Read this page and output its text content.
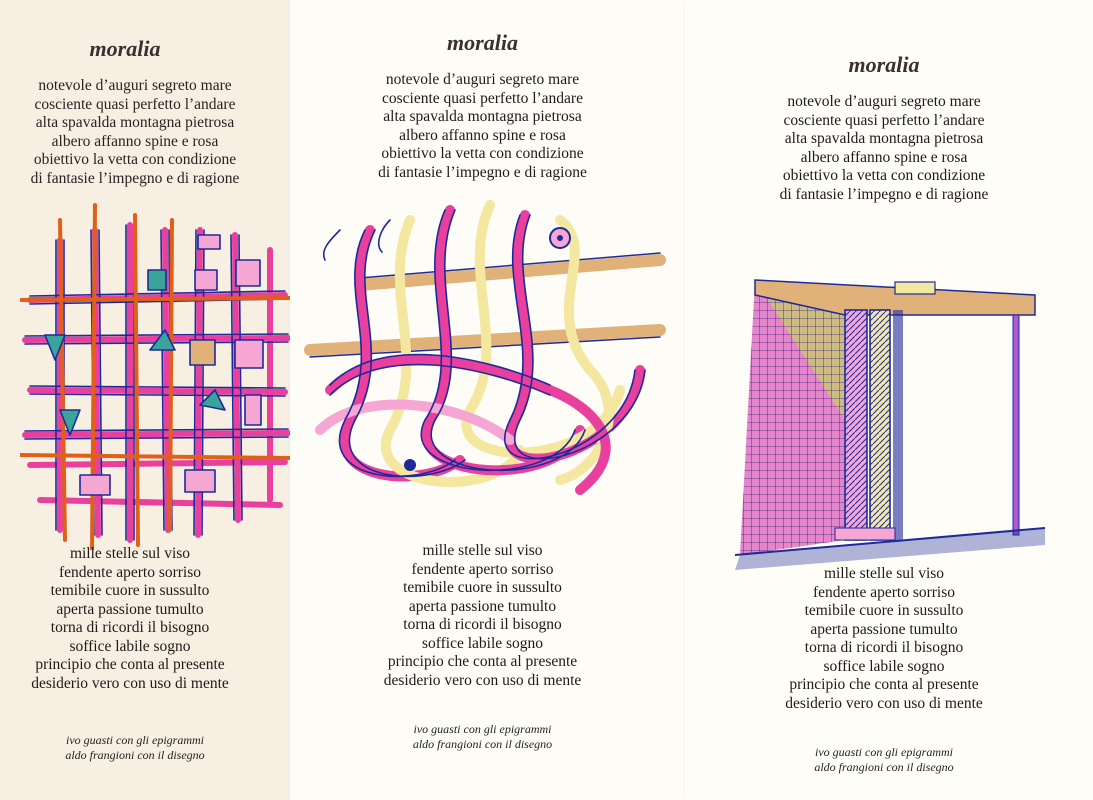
moralia
notevole d’auguri segreto mare
cosciente quasi perfetto l’andare
alta spavalda montagna pietrosa
albero affanno spine e rosa
obiettivo la vetta con condizione
di fantasie l’impegno e di ragione
mille stelle sul viso
fendente aperto sorriso
temibile cuore in sussulto
aperta passione tumulto
torna di ricordi il bisogno
soffice labile sogno
principio che conta al presente
desiderio vero con uso di mente
ivo guasti con gli epigrammi
aldo frangioni con il disegno
moralia
notevole d’auguri segreto mare
cosciente quasi perfetto l’andare
alta spavalda montagna pietrosa
albero affanno spine e rosa
obiettivo la vetta con condizione
di fantasie l’impegno e di ragione
mille stelle sul viso
fendente aperto sorriso
temibile cuore in sussulto
aperta passione tumulto
torna di ricordi il bisogno
soffice labile sogno
principio che conta al presente
desiderio vero con uso di mente
ivo guasti con gli epigrammi
aldo frangioni con il disegno
moralia
notevole d’auguri segreto mare
cosciente quasi perfetto l’andare
alta spavalda montagna pietrosa
albero affanno spine e rosa
obiettivo la vetta con condizione
di fantasie l’impegno e di ragione
mille stelle sul viso
fendente aperto sorriso
temibile cuore in sussulto
aperta passione tumulto
torna di ricordi il bisogno
soffice labile sogno
principio che conta al presente
desiderio vero con uso di mente
ivo guasti con gli epigrammi
aldo frangioni con il disegno
